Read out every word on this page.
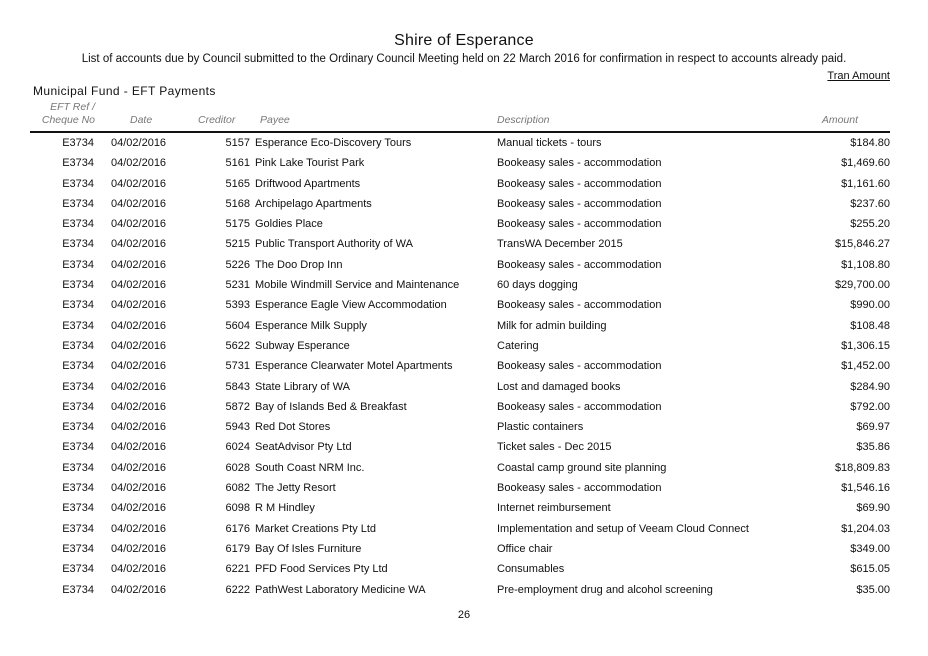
Shire of Esperance
List of accounts due by Council submitted to the Ordinary Council Meeting held on 22 March 2016 for confirmation in respect to accounts already paid.
Tran Amount
Municipal Fund - EFT Payments
EFT Ref /
Cheque No	Date	Creditor Payee	Description	Amount
E3734 04/02/2016	5157 Esperance Eco-Discovery Tours	Manual tickets - tours	$184.80
E3734 04/02/2016	5161 Pink Lake Tourist Park	Bookeasy sales - accommodation	$1,469.60
E3734 04/02/2016	5165 Driftwood Apartments	Bookeasy sales - accommodation	$1,161.60
E3734 04/02/2016	5168 Archipelago Apartments	Bookeasy sales - accommodation	$237.60
E3734 04/02/2016	5175 Goldies Place	Bookeasy sales - accommodation	$255.20
E3734 04/02/2016	5215 Public Transport Authority of WA	TransWA December 2015	$15,846.27
E3734 04/02/2016	5226 The Doo Drop Inn	Bookeasy sales - accommodation	$1,108.80
E3734 04/02/2016	5231 Mobile Windmill Service and Maintenance	60 days dogging	$29,700.00
E3734 04/02/2016	5393 Esperance Eagle View Accommodation	Bookeasy sales - accommodation	$990.00
E3734 04/02/2016	5604 Esperance Milk Supply	Milk for admin building	$108.48
E3734 04/02/2016	5622 Subway Esperance	Catering	$1,306.15
E3734 04/02/2016	5731 Esperance Clearwater Motel Apartments	Bookeasy sales - accommodation	$1,452.00
E3734 04/02/2016	5843 State Library of WA	Lost and damaged books	$284.90
E3734 04/02/2016	5872 Bay of Islands Bed & Breakfast	Bookeasy sales - accommodation	$792.00
E3734 04/02/2016	5943 Red Dot Stores	Plastic containers	$69.97
E3734 04/02/2016	6024 SeatAdvisor Pty Ltd	Ticket sales - Dec 2015	$35.86
E3734 04/02/2016	6028 South Coast NRM Inc.	Coastal camp ground site planning	$18,809.83
E3734 04/02/2016	6082 The Jetty Resort	Bookeasy sales - accommodation	$1,546.16
E3734 04/02/2016	6098 R M Hindley	Internet reimbursement	$69.90
E3734 04/02/2016	6176 Market Creations Pty Ltd	Implementation and setup of Veeam Cloud Connect	$1,204.03
E3734 04/02/2016	6179 Bay Of Isles Furniture	Office chair	$349.00
E3734 04/02/2016	6221 PFD Food Services Pty Ltd	Consumables	$615.05
E3734 04/02/2016	6222 PathWest Laboratory Medicine WA	Pre-employment drug and alcohol screening	$35.00
26
